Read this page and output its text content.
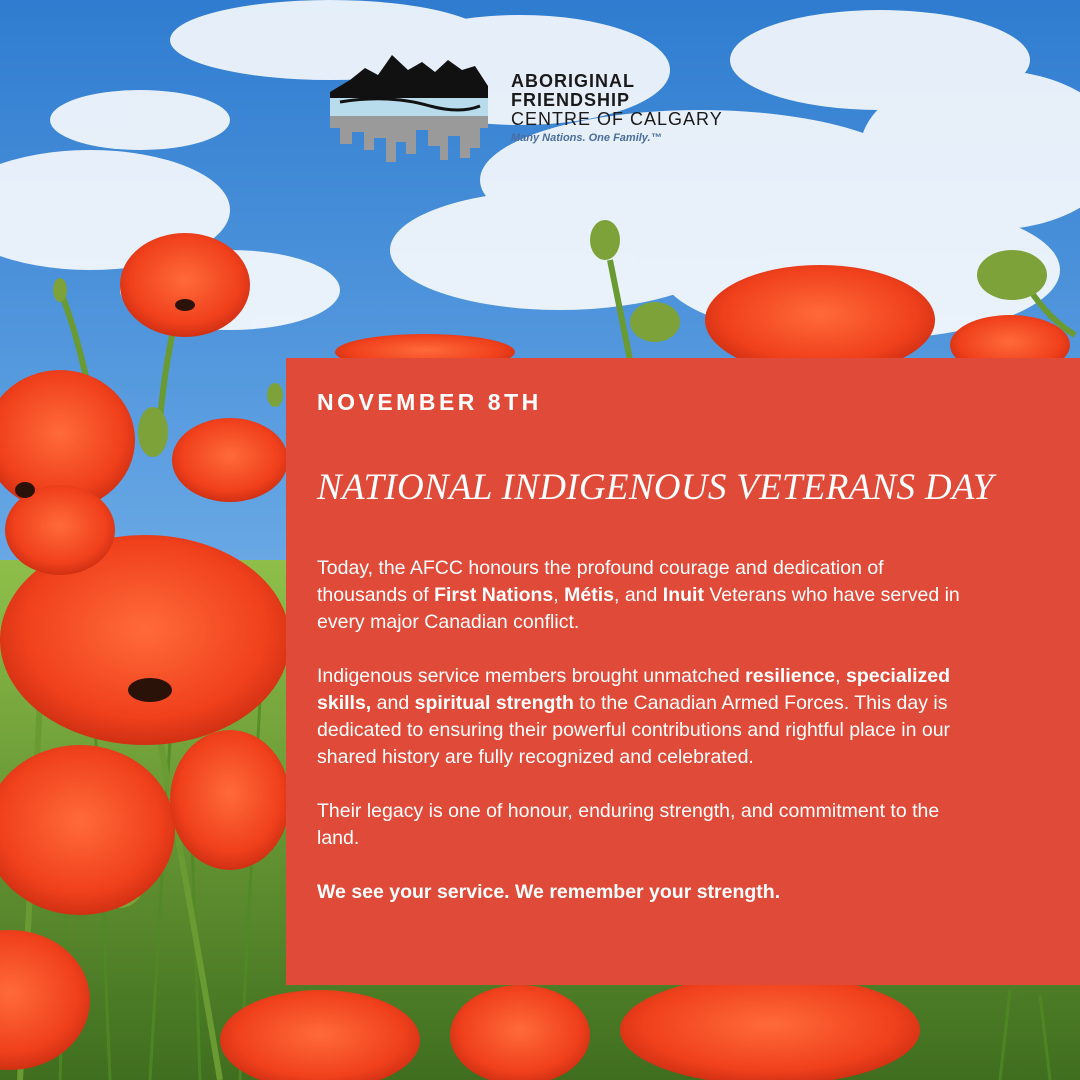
ABORIGINAL
FRIENDSHIP
CENTRE OF CALGARY
Many Nations. One Family.™

NOVEMBER 8TH

NATIONAL INDIGENOUS VETERANS DAY

Today, the AFCC honours the profound courage and dedication of thousands of First Nations, Métis, and Inuit Veterans who have served in every major Canadian conflict.

Indigenous service members brought unmatched resilience, specialized skills, and spiritual strength to the Canadian Armed Forces. This day is dedicated to ensuring their powerful contributions and rightful place in our shared history are fully recognized and celebrated.

Their legacy is one of honour, enduring strength, and commitment to the land.

We see your service. We remember your strength.
